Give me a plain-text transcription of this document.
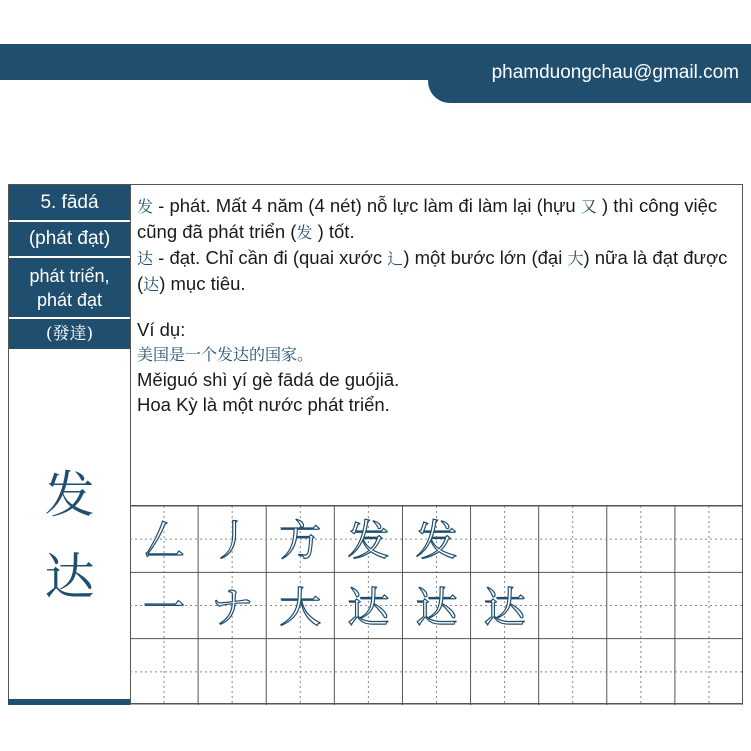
phamduongchau@gmail.com
5. fādá
(phát đạt)
phát triển,
phát đạt
(發達)
发
达

发 - phát. Mất 4 năm (4 nét) nỗ lực làm đi làm lại (hựu 又 ) thì công việc cũng đã phát triển (发 ) tốt.

达 - đạt. Chỉ cần đi (quai xước 辶) một bước lớn (đại 大) nữa là đạt được (达) mục tiêu.

Ví dụ:

美国是一个发达的国家。

Měiguó shì yí gè fādá de guójiā.

Hoa Kỳ là một nước phát triển.

𠃋 丿 方 发 发
一 ナ 大 达 达 达
